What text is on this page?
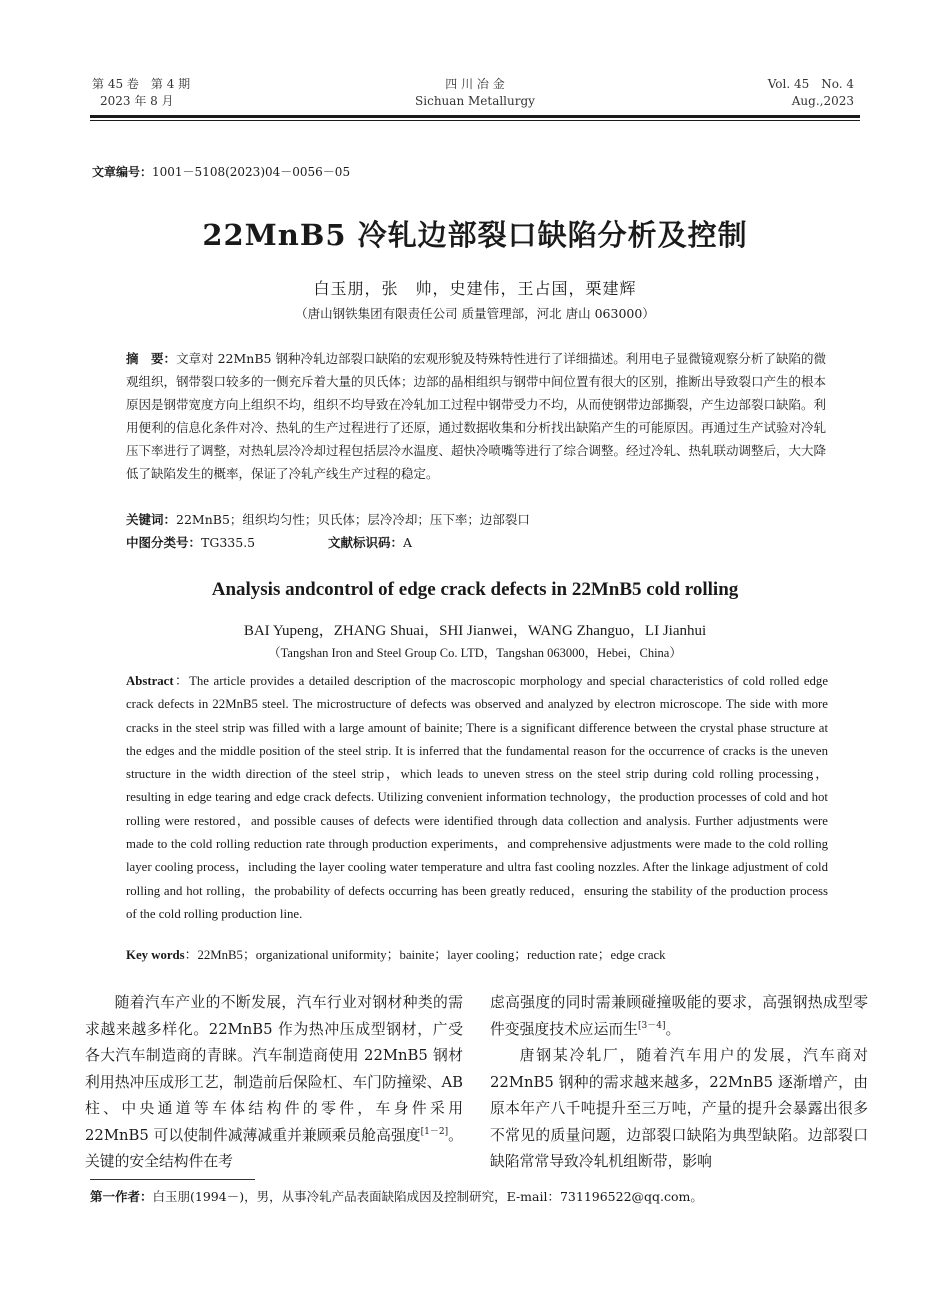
第 45 卷　第 4 期
2023 年 8 月
四 川 冶 金
Sichuan Metallurgy
Vol. 45　No. 4
Aug.,2023
文章编号：1001－5108(2023)04－0056－05
22MnB5 冷轧边部裂口缺陷分析及控制
白玉朋，张　帅，史建伟，王占国，栗建辉
（唐山钢铁集团有限责任公司 质量管理部，河北 唐山 063000）
摘　要：文章对 22MnB5 钢种冷轧边部裂口缺陷的宏观形貌及特殊特性进行了详细描述。利用电子显微镜观察分析了缺陷的微观组织，钢带裂口较多的一侧充斥着大量的贝氏体；边部的晶相组织与钢带中间位置有很大的区别，推断出导致裂口产生的根本原因是钢带宽度方向上组织不均，组织不均导致在冷轧加工过程中钢带受力不均，从而使钢带边部撕裂，产生边部裂口缺陷。利用便利的信息化条件对冷、热轧的生产过程进行了还原，通过数据收集和分析找出缺陷产生的可能原因。再通过生产试验对冷轧压下率进行了调整，对热轧层冷冷却过程包括层冷水温度、超快冷喷嘴等进行了综合调整。经过冷轧、热轧联动调整后，大大降低了缺陷发生的概率，保证了冷轧产线生产过程的稳定。
关键词：22MnB5；组织均匀性；贝氏体；层冷冷却；压下率；边部裂口
中图分类号：TG335.5	文献标识码：A
Analysis andcontrol of edge crack defects in 22MnB5 cold rolling
BAI Yupeng，ZHANG Shuai，SHI Jianwei，WANG Zhanguo，LI Jianhui
（Tangshan Iron and Steel Group Co. LTD，Tangshan 063000，Hebei，China）
Abstract：The article provides a detailed description of the macroscopic morphology and special characteristics of cold rolled edge crack defects in 22MnB5 steel. The microstructure of defects was observed and analyzed by electron microscope. The side with more cracks in the steel strip was filled with a large amount of bainite; There is a significant difference between the crystal phase structure at the edges and the middle position of the steel strip. It is inferred that the fundamental reason for the occurrence of cracks is the uneven structure in the width direction of the steel strip，which leads to uneven stress on the steel strip during cold rolling processing，resulting in edge tearing and edge crack defects. Utilizing convenient information technology，the production processes of cold and hot rolling were restored，and possible causes of defects were identified through data collection and analysis. Further adjustments were made to the cold rolling reduction rate through production experiments，and comprehensive adjustments were made to the cold rolling layer cooling process，including the layer cooling water temperature and ultra fast cooling nozzles. After the linkage adjustment of cold rolling and hot rolling，the probability of defects occurring has been greatly reduced，ensuring the stability of the production process of the cold rolling production line.
Key words：22MnB5；organizational uniformity；bainite；layer cooling；reduction rate；edge crack

随着汽车产业的不断发展，汽车行业对钢材种类的需求越来越多样化。22MnB5 作为热冲压成型钢材，广受各大汽车制造商的青睐。汽车制造商使用 22MnB5 钢材利用热冲压成形工艺，制造前后保险杠、车门防撞梁、AB 柱、中央通道等车体结构件的零件，车身件采用 22MnB5 可以使制件减薄减重并兼顾乘员舱高强度[1－2]。关键的安全结构件在考

虑高强度的同时需兼顾碰撞吸能的要求，高强钢热成型零件变强度技术应运而生[3－4]。

唐钢某冷轧厂，随着汽车用户的发展，汽车商对 22MnB5 钢种的需求越来越多，22MnB5 逐渐增产，由原本年产八千吨提升至三万吨，产量的提升会暴露出很多不常见的质量问题，边部裂口缺陷为典型缺陷。边部裂口缺陷常常导致冷轧机组断带，影响

第一作者：白玉朋(1994－)，男，从事冷轧产品表面缺陷成因及控制研究，E-mail：731196522@qq.com。
